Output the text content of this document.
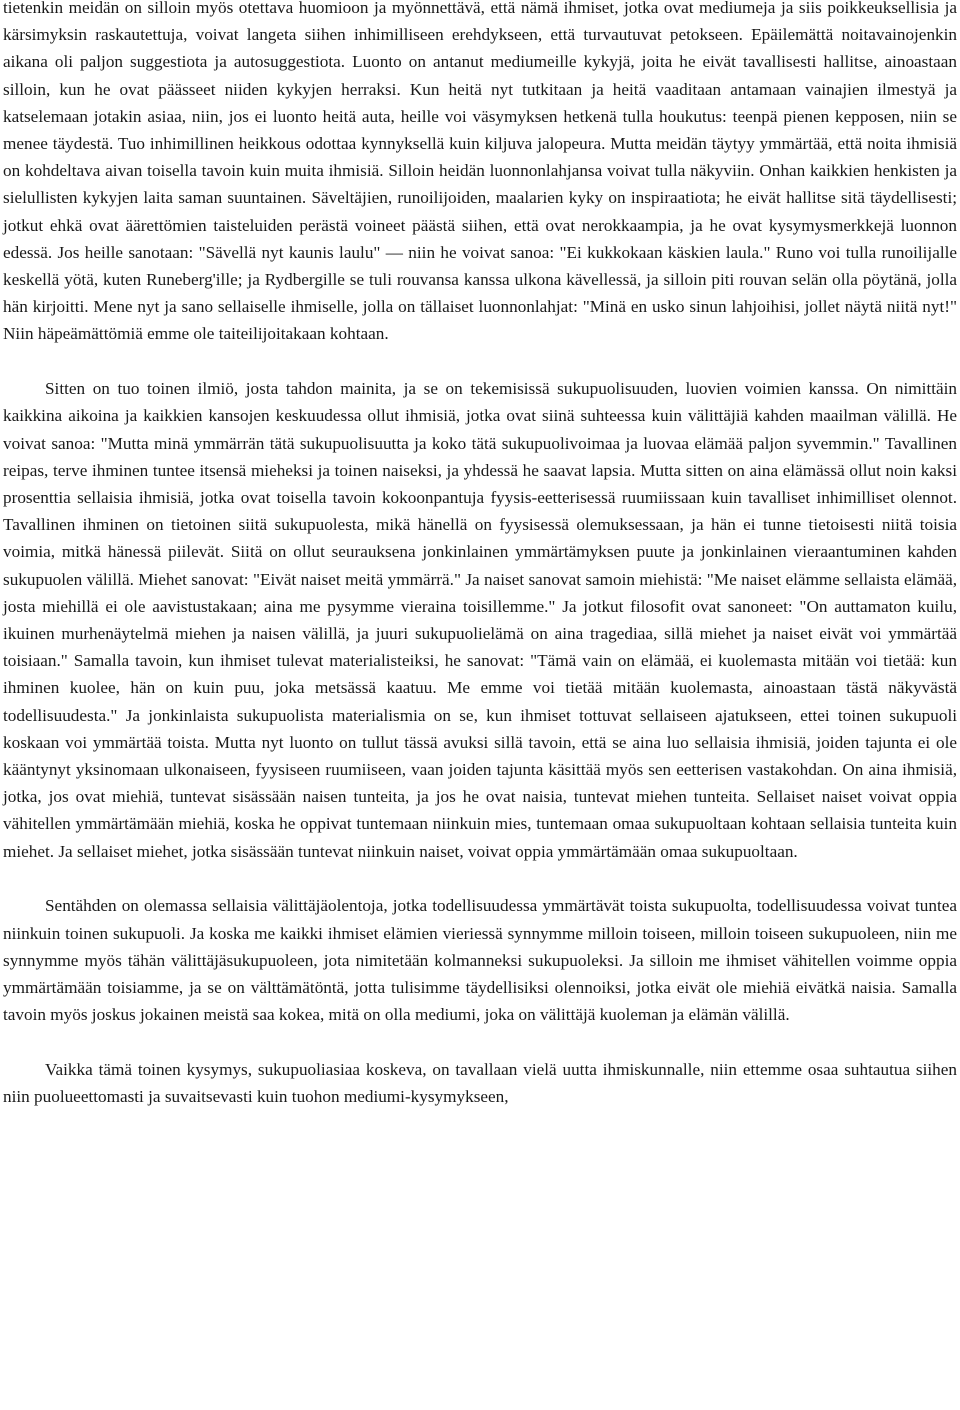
tietenkin meidän on silloin myös otettava huomioon ja myönnettävä, että nämä ihmiset, jotka ovat mediumeja ja siis poikkeuksellisia ja kärsimyksin raskautettuja, voivat langeta siihen inhimilliseen erehdykseen, että turvautuvat petokseen. Epäilemättä noitavainojenkin aikana oli paljon suggestiota ja autosuggestiota. Luonto on antanut mediumeille kykyjä, joita he eivät tavallisesti hallitse, ainoastaan silloin, kun he ovat päässeet niiden kykyjen herraksi. Kun heitä nyt tutkitaan ja heitä vaaditaan antamaan vainajien ilmestyä ja katselemaan jotakin asiaa, niin, jos ei luonto heitä auta, heille voi väsymyksen hetkenä tulla houkutus: teenpä pienen kepposen, niin se menee täydestä. Tuo inhimillinen heikkous odottaa kynnyksellä kuin kiljuva jalopeura. Mutta meidän täytyy ymmärtää, että noita ihmisiä on kohdeltava aivan toisella tavoin kuin muita ihmisiä. Silloin heidän luonnonlahjansa voivat tulla näkyviin. Onhan kaikkien henkisten ja sielullisten kykyjen laita saman suuntainen. Säveltäjien, runoilijoiden, maalarien kyky on inspiraatiota; he eivät hallitse sitä täydellisesti; jotkut ehkä ovat äärettömien taisteluiden perästä voineet päästä siihen, että ovat nerokkaampia, ja he ovat kysymysmerkkejä luonnon edessä. Jos heille sanotaan: "Sävellä nyt kaunis laulu" — niin he voivat sanoa: "Ei kukkokaan käskien laula." Runo voi tulla runoilijalle keskellä yötä, kuten Runeberg'ille; ja Rydbergille se tuli rouvansa kanssa ulkona kävellessä, ja silloin piti rouvan selän olla pöytänä, jolla hän kirjoitti. Mene nyt ja sano sellaiselle ihmiselle, jolla on tällaiset luonnonlahjat: "Minä en usko sinun lahjoihisi, jollet näytä niitä nyt!" Niin häpeämättömiä emme ole taiteilijoitakaan kohtaan.

Sitten on tuo toinen ilmiö, josta tahdon mainita, ja se on tekemisissä sukupuolisuuden, luovien voimien kanssa. On nimittäin kaikkina aikoina ja kaikkien kansojen keskuudessa ollut ihmisiä, jotka ovat siinä suhteessa kuin välittäjiä kahden maailman välillä. He voivat sanoa: "Mutta minä ymmärrän tätä sukupuolisuutta ja koko tätä sukupuolivoimaa ja luovaa elämää paljon syvemmin." Tavallinen reipas, terve ihminen tuntee itsensä mieheksi ja toinen naiseksi, ja yhdessä he saavat lapsia. Mutta sitten on aina elämässä ollut noin kaksi prosenttia sellaisia ihmisiä, jotka ovat toisella tavoin kokoonpantuja fyysis-eetterisessä ruumiissaan kuin tavalliset inhimilliset olennot. Tavallinen ihminen on tietoinen siitä sukupuolesta, mikä hänellä on fyysisessä olemuksessaan, ja hän ei tunne tietoisesti niitä toisia voimia, mitkä hänessä piilevät. Siitä on ollut seurauksena jonkinlainen ymmärtämyksen puute ja jonkinlainen vieraantuminen kahden sukupuolen välillä. Miehet sanovat: "Eivät naiset meitä ymmärrä." Ja naiset sanovat samoin miehistä: "Me naiset elämme sellaista elämää, josta miehillä ei ole aavistustakaan; aina me pysymme vieraina toisillemme." Ja jotkut filosofit ovat sanoneet: "On auttamaton kuilu, ikuinen murhenäytelmä miehen ja naisen välillä, ja juuri sukupuolielämä on aina tragediaa, sillä miehet ja naiset eivät voi ymmärtää toisiaan." Samalla tavoin, kun ihmiset tulevat materialisteiksi, he sanovat: "Tämä vain on elämää, ei kuolemasta mitään voi tietää: kun ihminen kuolee, hän on kuin puu, joka metsässä kaatuu. Me emme voi tietää mitään kuolemasta, ainoastaan tästä näkyvästä todellisuudesta." Ja jonkinlaista sukupuolista materialismia on se, kun ihmiset tottuvat sellaiseen ajatukseen, ettei toinen sukupuoli koskaan voi ymmärtää toista. Mutta nyt luonto on tullut tässä avuksi sillä tavoin, että se aina luo sellaisia ihmisiä, joiden tajunta ei ole kääntynyt yksinomaan ulkonaiseen, fyysiseen ruumiiseen, vaan joiden tajunta käsittää myös sen eetterisen vastakohdan. On aina ihmisiä, jotka, jos ovat miehiä, tuntevat sisässään naisen tunteita, ja jos he ovat naisia, tuntevat miehen tunteita. Sellaiset naiset voivat oppia vähitellen ymmärtämään miehiä, koska he oppivat tuntemaan niinkuin mies, tuntemaan omaa sukupuoltaan kohtaan sellaisia tunteita kuin miehet. Ja sellaiset miehet, jotka sisässään tuntevat niinkuin naiset, voivat oppia ymmärtämään omaa sukupuoltaan.

Sentähden on olemassa sellaisia välittäjäolentoja, jotka todellisuudessa ymmärtävät toista sukupuolta, todellisuudessa voivat tuntea niinkuin toinen sukupuoli. Ja koska me kaikki ihmiset elämien vieriessä synnymme milloin toiseen, milloin toiseen sukupuoleen, niin me synnymme myös tähän välittäjäsukupuoleen, jota nimitetään kolmanneksi sukupuoleksi. Ja silloin me ihmiset vähitellen voimme oppia ymmärtämään toisiamme, ja se on välttämätöntä, jotta tulisimme täydellisiksi olennoiksi, jotka eivät ole miehiä eivätkä naisia. Samalla tavoin myös joskus jokainen meistä saa kokea, mitä on olla mediumi, joka on välittäjä kuoleman ja elämän välillä.

Vaikka tämä toinen kysymys, sukupuoliasiaa koskeva, on tavallaan vielä uutta ihmiskunnalle, niin ettemme osaa suhtautua siihen niin puolueettomasti ja suvaitsevasti kuin tuohon mediumi-kysymykseen,
